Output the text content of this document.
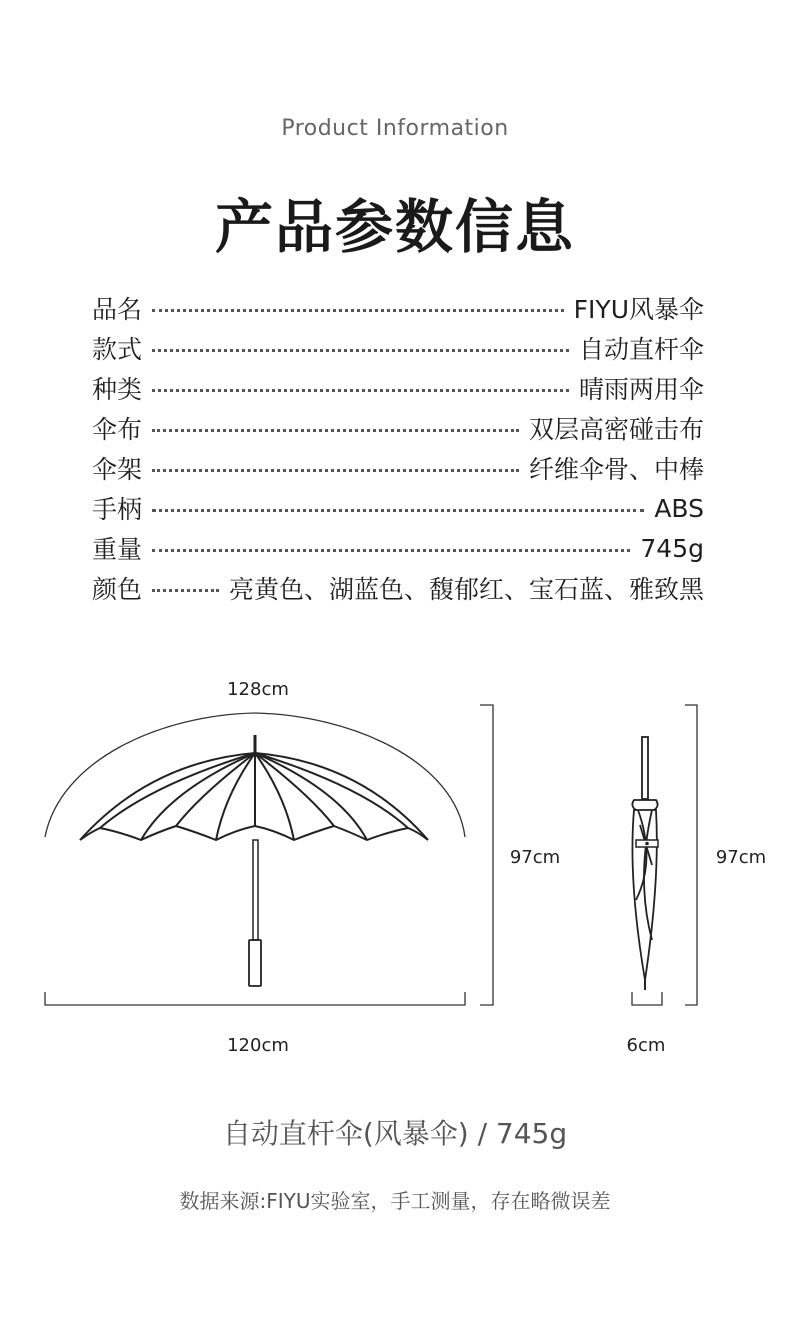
Product Information
产品参数信息
品名	FIYU风暴伞
款式	自动直杆伞
种类	晴雨两用伞
伞布	双层高密碰击布
伞架	纤维伞骨、中棒
手柄	ABS
重量	745g
颜色	亮黄色、湖蓝色、馥郁红、宝石蓝、雅致黑
128cm
120cm
97cm
6cm
97cm
自动直杆伞(风暴伞) / 745g
数据来源:FIYU实验室，手工测量，存在略微误差
